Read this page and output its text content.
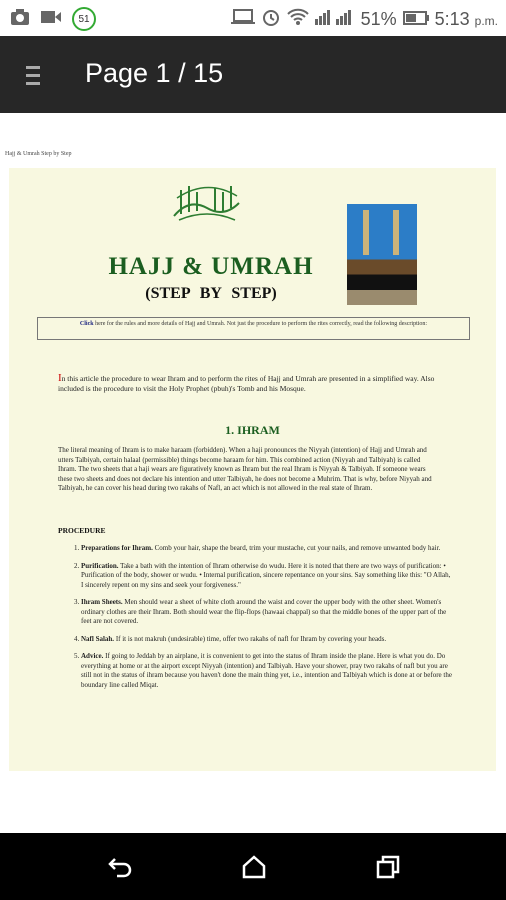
51	51% 5:13 p.m.
Page 1 / 15
Hajj & Umrah Step by Step
HAJJ & UMRAH
(STEP BY STEP)
Click here for the rules and more details of Hajj and Umrah. Not just the procedure to perform the rites correctly, read the following description:
In this article the procedure to wear Ihram and to perform the rites of Hajj and Umrah are presented in a simplified way. Also included is the procedure to visit the Holy Prophet (pbuh)'s Tomb and his Mosque.
1. IHRAM
The literal meaning of Ihram is to make haraam (forbidden). When a haji pronounces the Niyyah (intention) of Hajj and Umrah and utters Talbiyah, certain halaal (permissible) things become haraam for him. This combined action (Niyyah and Talbiyah) is called Ihram. The two sheets that a haji wears are figuratively known as Ihram but the real Ihram is Niyyah & Talbiyah. If someone wears these two sheets and does not declare his intention and utter Talbiyah, he does not become a Muhrim. That is why, before Niyyah and Talbiyah, he can cover his head during two rakahs of Nafl, an act which is not allowed in the real state of Ihram.
PROCEDURE
1. Preparations for Ihram. Comb your hair, shape the beard, trim your mustache, cut your nails, and remove unwanted body hair.
2. Purification. Take a bath with the intention of Ihram otherwise do wudu. Here it is noted that there are two ways of purification: • Purification of the body, shower or wudu. • Internal purification, sincere repentance on your sins. Say something like this: "O Allah, I sincerely repent on my sins and seek your forgiveness."
3. Ihram Sheets. Men should wear a sheet of white cloth around the waist and cover the upper body with the other sheet. Women's ordinary clothes are their Ihram. Both should wear the flip-flops (hawaai chappal) so that the middle bones of the upper part of the feet are not covered.
4. Nafl Salah. If it is not makruh (undesirable) time, offer two rakahs of nafl for Ihram by covering your heads.
5. Advice. If going to Jeddah by an airplane, it is convenient to get into the status of Ihram inside the plane. Here is what you do. Do everything at home or at the airport except Niyyah (intention) and Talbiyah. Have your shower, pray two rakahs of nafl but you are still not in the status of ihram because you haven't done the main thing yet, i.e., intention and Talbiyah which is done at or before the boundary line called Miqat.
